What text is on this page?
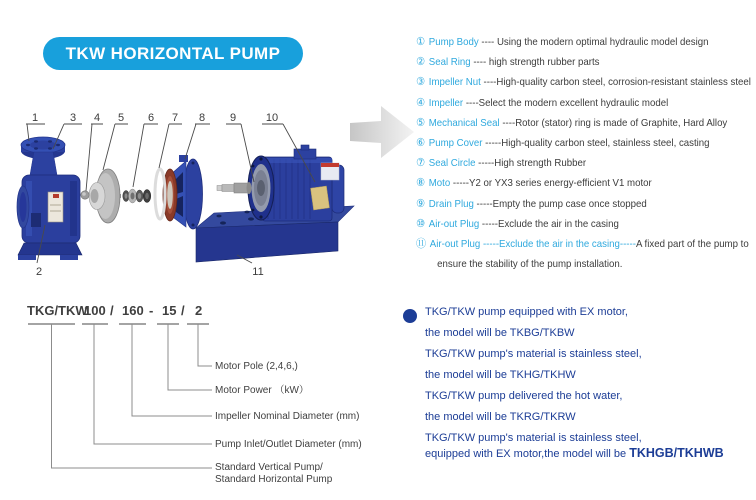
TKW HORIZONTAL PUMP
1	3 4 5 6 7 8 9	10
2	11
① Pump Body ---- Using the modern optimal hydraulic model design
② Seal Ring ---- high strength rubber parts
③ Impeller Nut ----High-quality carbon steel, corrosion-resistant stainless steel
④ Impeller ----Select the modern excellent hydraulic model
⑤ Mechanical Seal ----Rotor (stator) ring is made of Graphite, Hard Alloy
⑥ Pump Cover -----High-quality carbon steel, stainless steel, casting
⑦ Seal Circle -----High strength Rubber
⑧ Moto -----Y2 or YX3 series energy-efficient V1 motor
⑨ Drain Plug -----Empty the pump case once stopped
⑩ Air-out Plug -----Exclude the air in the casing
⑪ Air-out Plug -----Exclude the air in the casing-----A fixed part of the pump to
ensure the stability of the pump installation.
TKG/TKW
100 / 160 - 15 / 2
Motor Pole (2,4,6,)
Motor Power （kW）
Impeller Nominal Diameter (mm)
Pump Inlet/Outlet Diameter (mm)
Standard Vertical Pump/
Standard Horizontal Pump
TKG/TKW pump equipped with EX motor,
the model will be TKBG/TKBW
TKG/TKW pump's material is stainless steel,
the model will be TKHG/TKHW
TKG/TKW pump delivered the hot water,
the model will be TKRG/TKRW
TKG/TKW pump's material is stainless steel,
equipped with EX motor,the model will be TKHGB/TKHWB
